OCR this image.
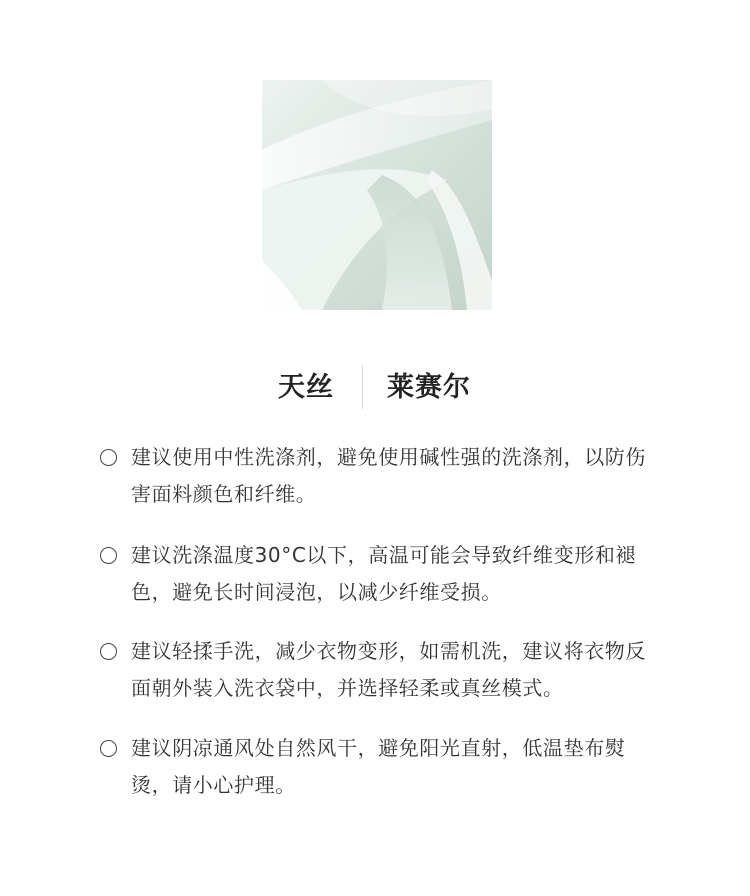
天丝 莱赛尔
建议使用中性洗涤剂，避免使用碱性强的洗涤剂，以防伤害面料颜色和纤维。
建议洗涤温度30°C以下，高温可能会导致纤维变形和褪色，避免长时间浸泡，以减少纤维受损。
建议轻揉手洗，减少衣物变形，如需机洗，建议将衣物反面朝外装入洗衣袋中，并选择轻柔或真丝模式。
建议阴凉通风处自然风干，避免阳光直射，低温垫布熨烫，请小心护理。
